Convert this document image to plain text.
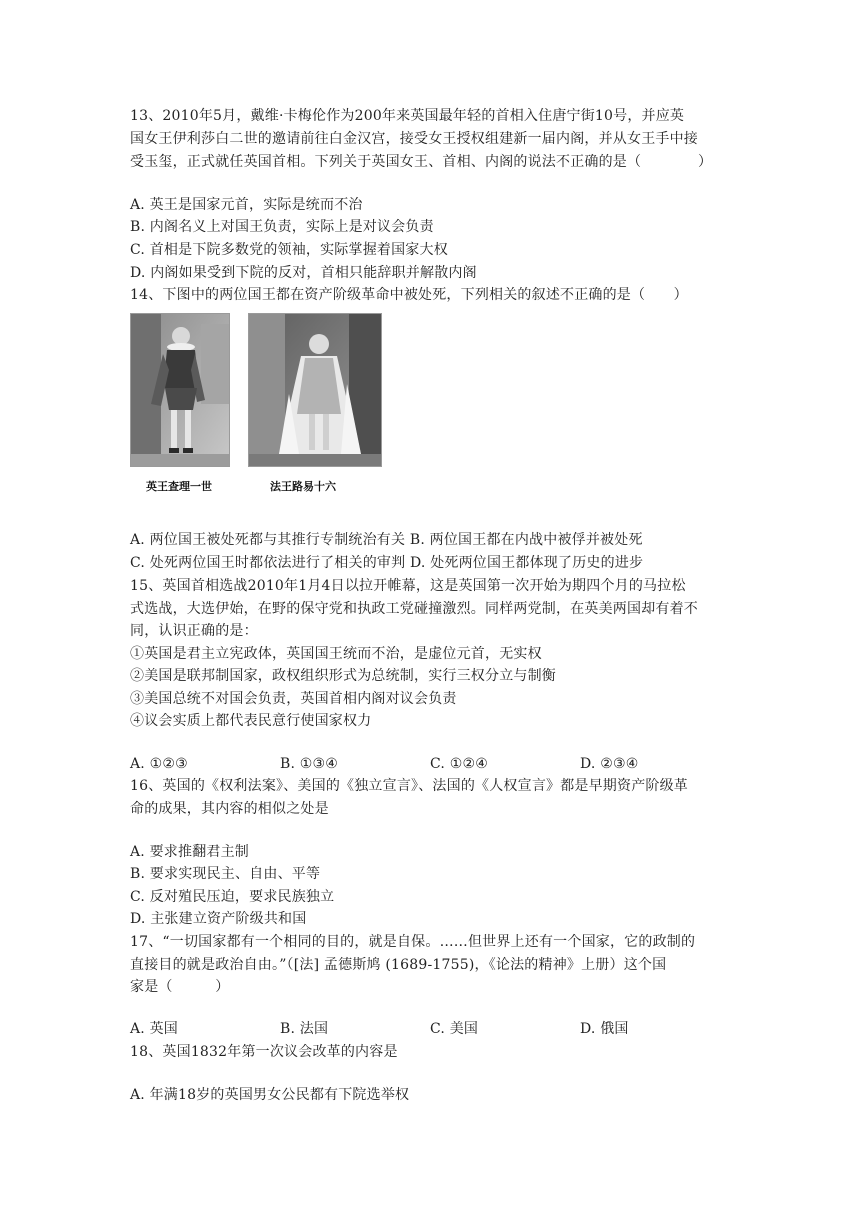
13、2010年5月，戴维·卡梅伦作为200年来英国最年轻的首相入住唐宁街10号，并应英
国女王伊利莎白二世的邀请前往白金汉宫，接受女王授权组建新一届内阁，并从女王手中接
受玉玺，正式就任英国首相。下列关于英国女王、首相、内阁的说法不正确的是（　　　　）
A. 英王是国家元首，实际是统而不治
B. 内阁名义上对国王负责，实际上是对议会负责
C. 首相是下院多数党的领袖，实际掌握着国家大权
D. 内阁如果受到下院的反对，首相只能辞职并解散内阁
14、下图中的两位国王都在资产阶级革命中被处死，下列相关的叙述不正确的是（　　）
英王查理一世	法王路易十六
A. 两位国王被处死都与其推行专制统治有关 B. 两位国王都在内战中被俘并被处死
C. 处死两位国王时都依法进行了相关的审判 D. 处死两位国王都体现了历史的进步
15、英国首相选战2010年1月4日以拉开帷幕，这是英国第一次开始为期四个月的马拉松
式选战，大选伊始，在野的保守党和执政工党碰撞激烈。同样两党制，在英美两国却有着不
同，认识正确的是：
①英国是君主立宪政体，英国国王统而不治，是虚位元首，无实权
②美国是联邦制国家，政权组织形式为总统制，实行三权分立与制衡
③美国总统不对国会负责，英国首相内阁对议会负责
④议会实质上都代表民意行使国家权力
A. ①②③	B. ①③④	C. ①②④	D. ②③④
16、英国的《权利法案》、美国的《独立宣言》、法国的《人权宣言》都是早期资产阶级革
命的成果，其内容的相似之处是
A. 要求推翻君主制
B. 要求实现民主、自由、平等
C. 反对殖民压迫，要求民族独立
D. 主张建立资产阶级共和国
17、“一切国家都有一个相同的目的，就是自保。……但世界上还有一个国家，它的政制的
直接目的就是政治自由。”（[法] 孟德斯鸠 (1689-1755)，《论法的精神》上册）这个国
家是（　　　）
A. 英国	B. 法国	C. 美国	D. 俄国
18、英国1832年第一次议会改革的内容是
A. 年满18岁的英国男女公民都有下院选举权
